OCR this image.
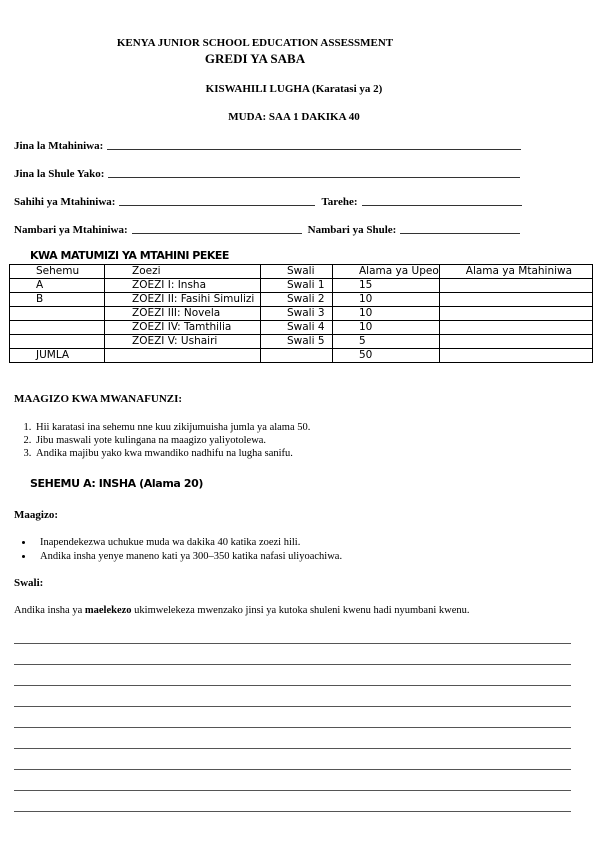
KENYA JUNIOR SCHOOL EDUCATION ASSESSMENT
GREDI YA SABA
KISWAHILI LUGHA (Karatasi ya 2)
MUDA: SAA 1 DAKIKA 40
Jina la Mtahiniwa:
Jina la Shule Yako:
Sahihi ya Mtahiniwa:	Tarehe:
Nambari ya Mtahiniwa:	Nambari ya Shule:
KWA MATUMIZI YA MTAHINI PEKEE
Sehemu	Zoezi	Swali	Alama ya Upeo	Alama ya Mtahiniwa
A	ZOEZI I: Insha	Swali 1	15	
B	ZOEZI II: Fasihi Simulizi	Swali 2	10	
	ZOEZI III: Novela	Swali 3	10	
	ZOEZI IV: Tamthilia	Swali 4	10	
	ZOEZI V: Ushairi	Swali 5	5	
JUMLA			50	
MAAGIZO KWA MWANAFUNZI:
1. Hii karatasi ina sehemu nne kuu zikijumuisha jumla ya alama 50.
2. Jibu maswali yote kulingana na maagizo yaliyotolewa.
3. Andika majibu yako kwa mwandiko nadhifu na lugha sanifu.
SEHEMU A: INSHA (Alama 20)
Maagizo:
• Inapendekezwa uchukue muda wa dakika 40 katika zoezi hili.
• Andika insha yenye maneno kati ya 300–350 katika nafasi uliyoachiwa.
Swali:
Andika insha ya maelekezo ukimwelekeza mwenzako jinsi ya kutoka shuleni kwenu hadi nyumbani kwenu.
